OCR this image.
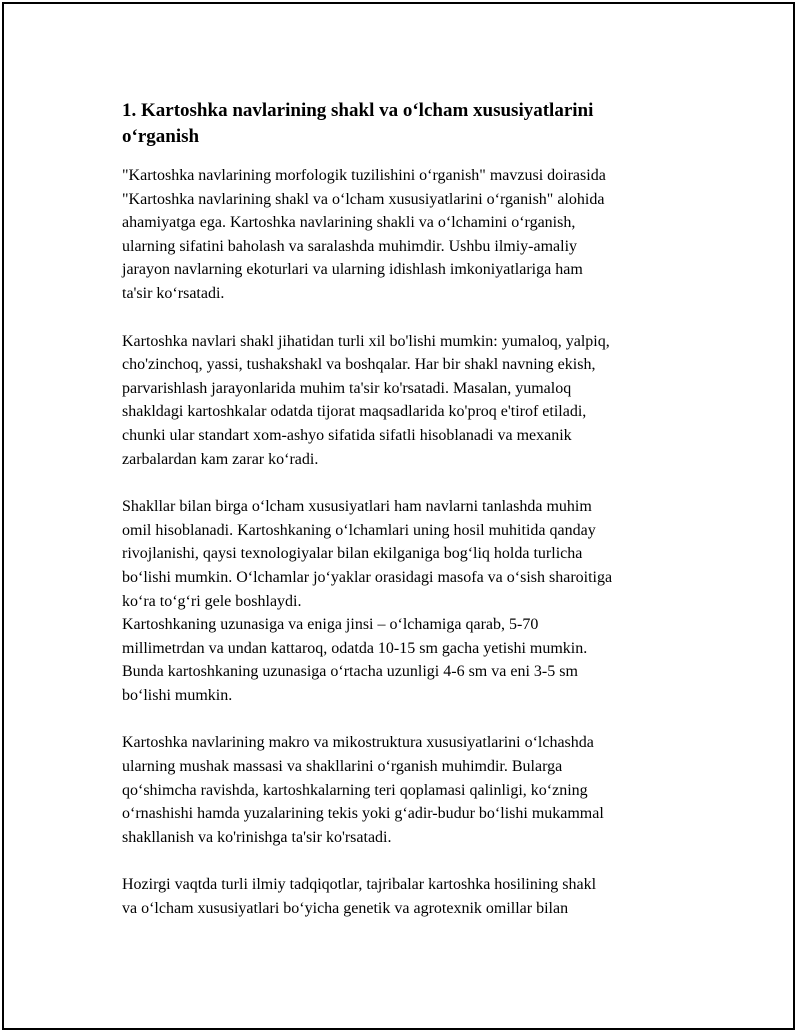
1. Kartoshka navlarining shakl va o‘lcham xususiyatlarini
o‘rganish

"Kartoshka navlarining morfologik tuzilishini o‘rganish" mavzusi doirasida
"Kartoshka navlarining shakl va o‘lcham xususiyatlarini o‘rganish" alohida
ahamiyatga ega. Kartoshka navlarining shakli va o‘lchamini o‘rganish,
ularning sifatini baholash va saralashda muhimdir. Ushbu ilmiy-amaliy
jarayon navlarning ekoturlari va ularning idishlash imkoniyatlariga ham
ta'sir ko‘rsatadi.

Kartoshka navlari shakl jihatidan turli xil bo'lishi mumkin: yumaloq, yalpiq,
cho'zinchoq, yassi, tushakshakl va boshqalar. Har bir shakl navning ekish,
parvarishlash jarayonlarida muhim ta'sir ko'rsatadi. Masalan, yumaloq
shakldagi kartoshkalar odatda tijorat maqsadlarida ko'proq e'tirof etiladi,
chunki ular standart xom-ashyo sifatida sifatli hisoblanadi va mexanik
zarbalardan kam zarar ko‘radi.

Shakllar bilan birga o‘lcham xususiyatlari ham navlarni tanlashda muhim
omil hisoblanadi. Kartoshkaning o‘lchamlari uning hosil muhitida qanday
rivojlanishi, qaysi texnologiyalar bilan ekilganiga bog‘liq holda turlicha
bo‘lishi mumkin. O‘lchamlar jo‘yaklar orasidagi masofa va o‘sish sharoitiga
ko‘ra to‘g‘ri gele boshlaydi.
Kartoshkaning uzunasiga va eniga jinsi – o‘lchamiga qarab, 5-70
millimetrdan va undan kattaroq, odatda 10-15 sm gacha yetishi mumkin.
Bunda kartoshkaning uzunasiga o‘rtacha uzunligi 4-6 sm va eni 3-5 sm
bo‘lishi mumkin.

Kartoshka navlarining makro va mikostruktura xususiyatlarini o‘lchashda
ularning mushak massasi va shakllarini o‘rganish muhimdir. Bularga
qo‘shimcha ravishda, kartoshkalarning teri qoplamasi qalinligi, ko‘zning
o‘rnashishi hamda yuzalarining tekis yoki g‘adir-budur bo‘lishi mukammal
shakllanish va ko'rinishga ta'sir ko'rsatadi.

Hozirgi vaqtda turli ilmiy tadqiqotlar, tajribalar kartoshka hosilining shakl
va o‘lcham xususiyatlari bo‘yicha genetik va agrotexnik omillar bilan
